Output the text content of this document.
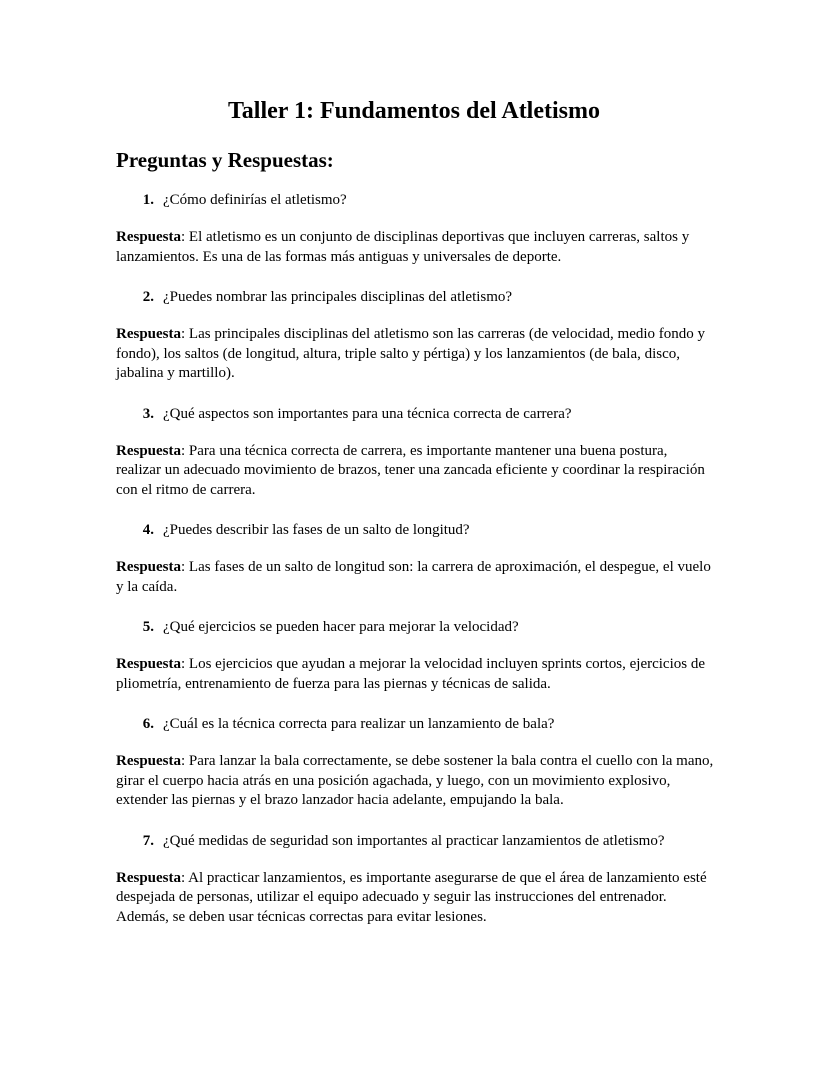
Taller 1: Fundamentos del Atletismo
Preguntas y Respuestas:

1. ¿Cómo definirías el atletismo?

Respuesta: El atletismo es un conjunto de disciplinas deportivas que incluyen carreras, saltos y lanzamientos. Es una de las formas más antiguas y universales de deporte.

2. ¿Puedes nombrar las principales disciplinas del atletismo?

Respuesta: Las principales disciplinas del atletismo son las carreras (de velocidad, medio fondo y fondo), los saltos (de longitud, altura, triple salto y pértiga) y los lanzamientos (de bala, disco, jabalina y martillo).

3. ¿Qué aspectos son importantes para una técnica correcta de carrera?

Respuesta: Para una técnica correcta de carrera, es importante mantener una buena postura, realizar un adecuado movimiento de brazos, tener una zancada eficiente y coordinar la respiración con el ritmo de carrera.

4. ¿Puedes describir las fases de un salto de longitud?

Respuesta: Las fases de un salto de longitud son: la carrera de aproximación, el despegue, el vuelo y la caída.

5. ¿Qué ejercicios se pueden hacer para mejorar la velocidad?

Respuesta: Los ejercicios que ayudan a mejorar la velocidad incluyen sprints cortos, ejercicios de pliometría, entrenamiento de fuerza para las piernas y técnicas de salida.

6. ¿Cuál es la técnica correcta para realizar un lanzamiento de bala?

Respuesta: Para lanzar la bala correctamente, se debe sostener la bala contra el cuello con la mano, girar el cuerpo hacia atrás en una posición agachada, y luego, con un movimiento explosivo, extender las piernas y el brazo lanzador hacia adelante, empujando la bala.

7. ¿Qué medidas de seguridad son importantes al practicar lanzamientos de atletismo?

Respuesta: Al practicar lanzamientos, es importante asegurarse de que el área de lanzamiento esté despejada de personas, utilizar el equipo adecuado y seguir las instrucciones del entrenador. Además, se deben usar técnicas correctas para evitar lesiones.
